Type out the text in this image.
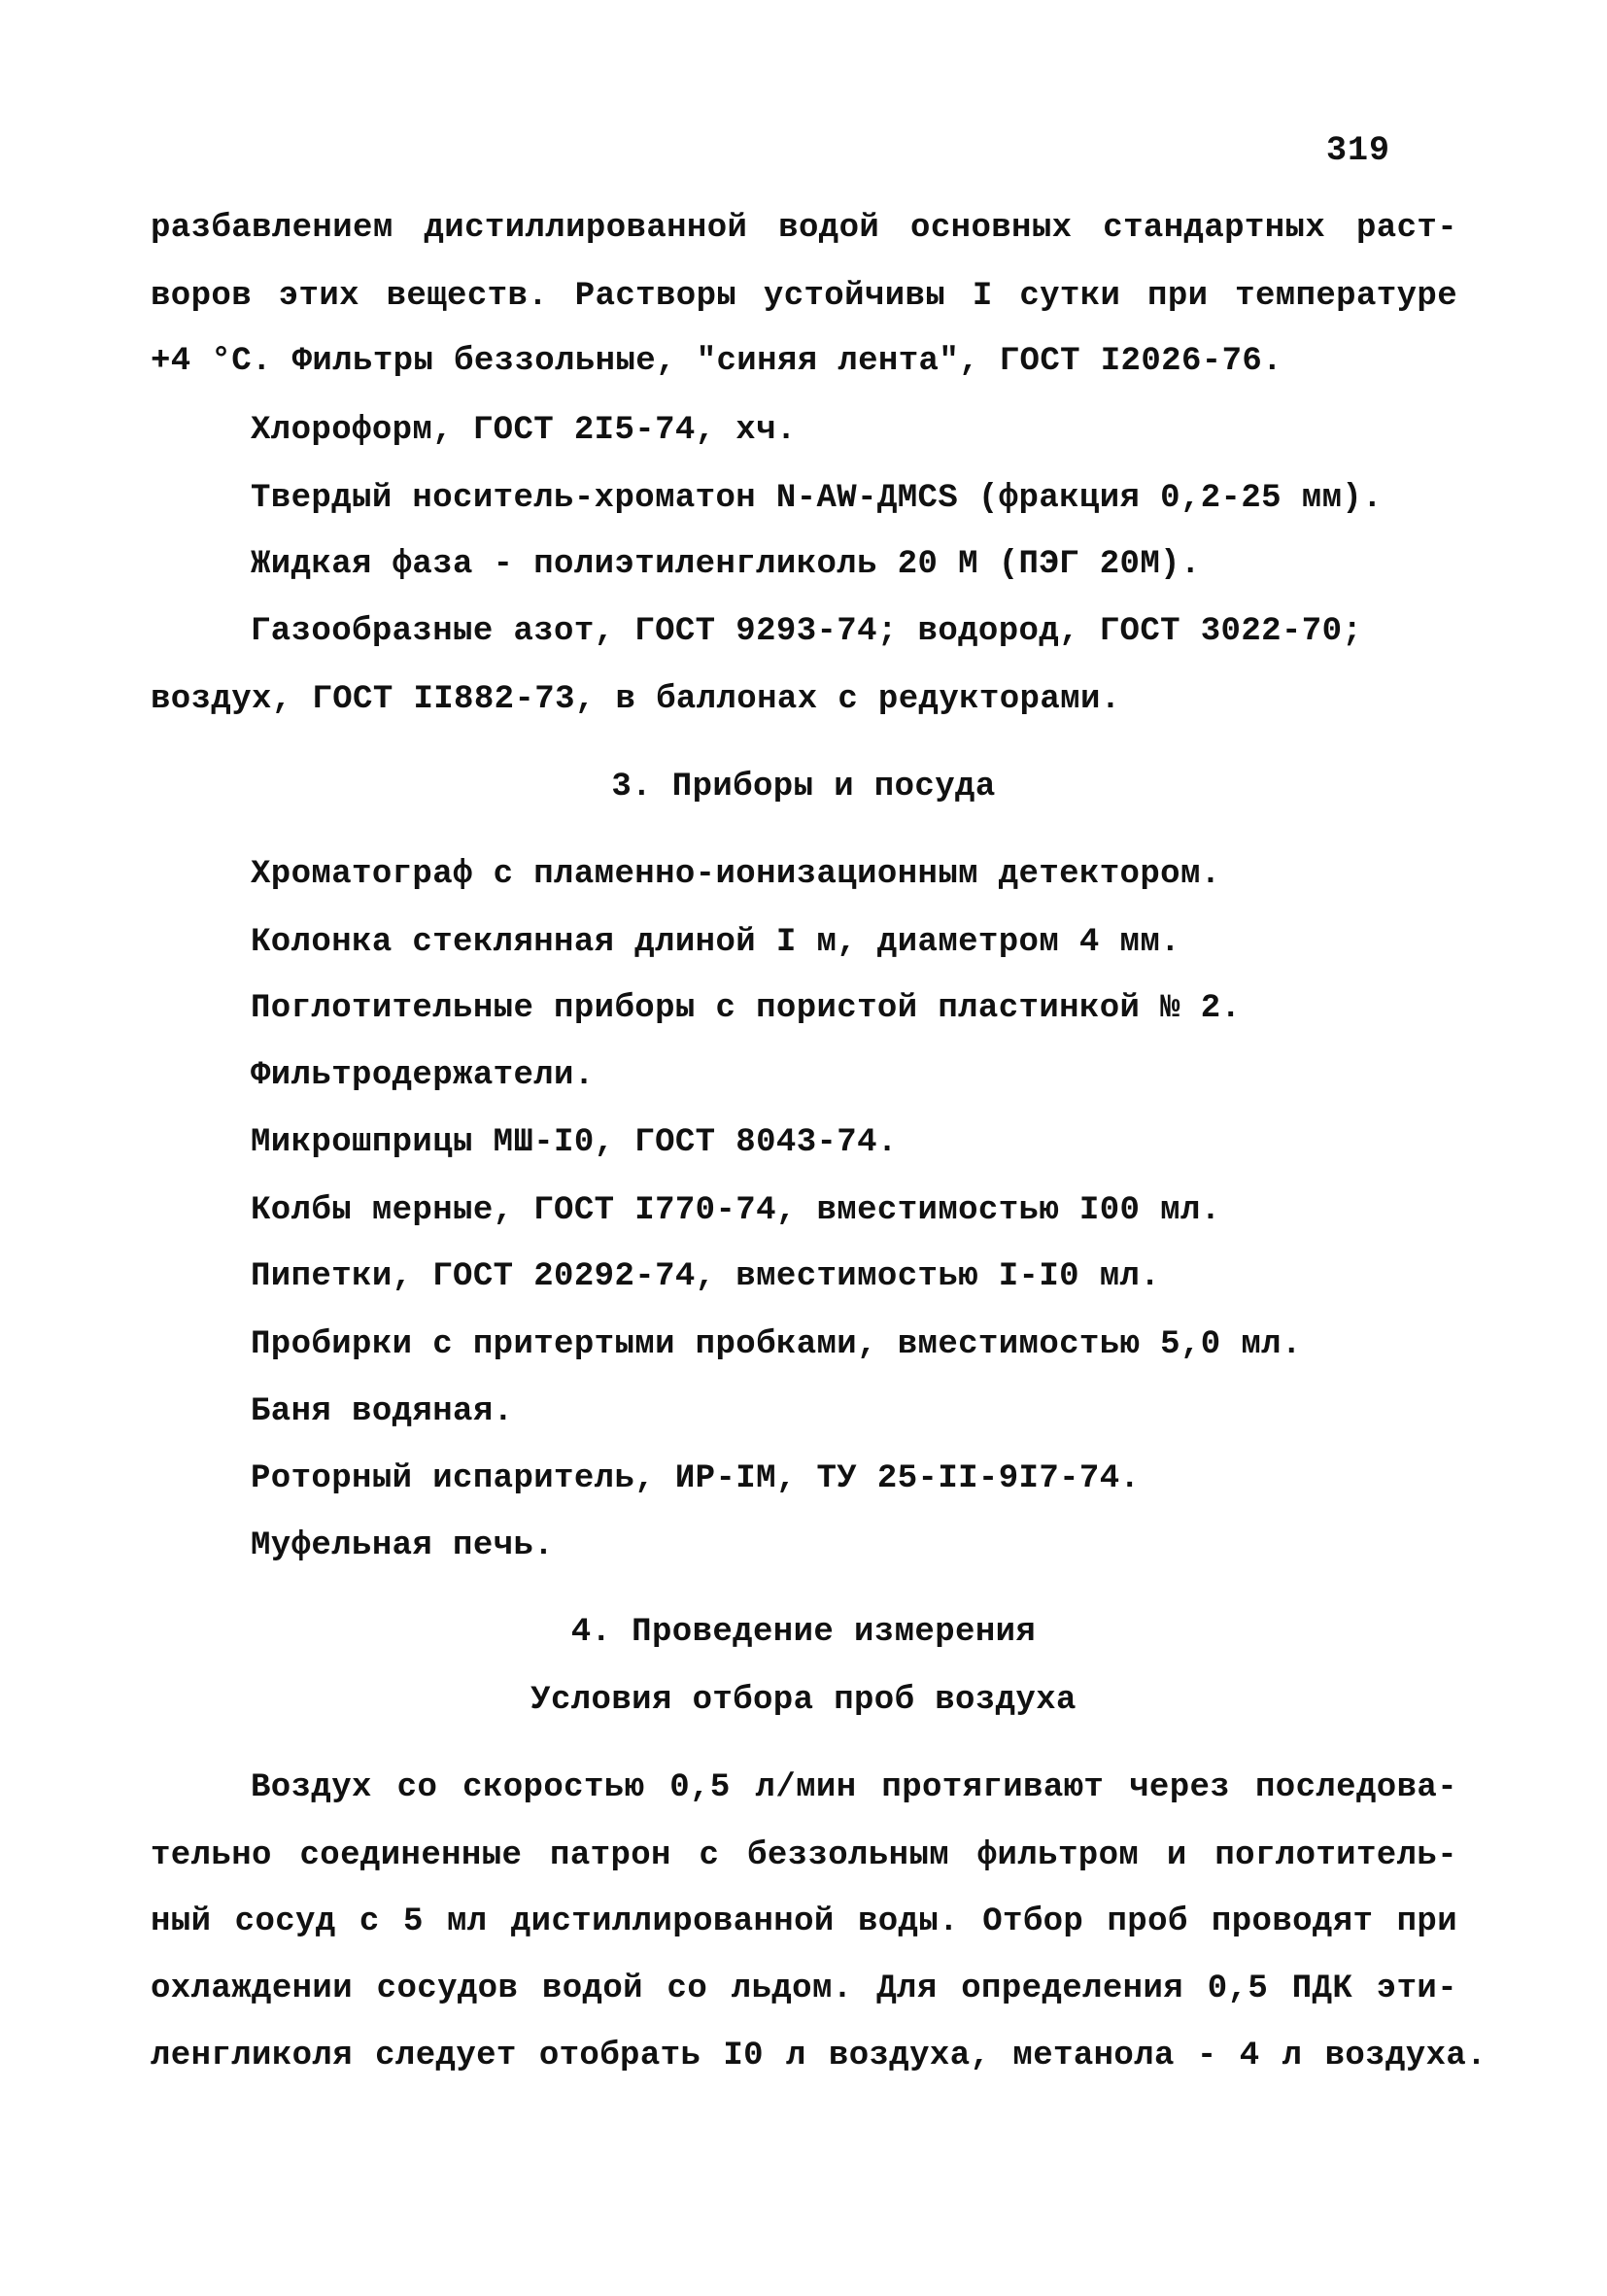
319
разбавлением дистиллированной водой основных стандартных раст-
воров этих веществ. Растворы устойчивы I сутки при температуре
+4 °С. Фильтры беззольные, "синяя лента", ГОСТ I2026-76.
Хлороформ, ГОСТ 2I5-74, хч.
Твердый носитель-хроматон N-AW-ДМСS (фракция 0,2-25 мм).
Жидкая фаза - полиэтиленгликоль 20 М (ПЭГ 20М).
Газообразные азот, ГОСТ 9293-74; водород, ГОСТ 3022-70;
воздух, ГОСТ II882-73, в баллонах с редукторами.
3. Приборы и посуда
Хроматограф с пламенно-ионизационным детектором.
Колонка стеклянная длиной I м, диаметром 4 мм.
Поглотительные приборы с пористой пластинкой № 2.
Фильтродержатели.
Микрошприцы МШ-I0, ГОСТ 8043-74.
Колбы мерные, ГОСТ I770-74, вместимостью I00 мл.
Пипетки, ГОСТ 20292-74, вместимостью I-I0 мл.
Пробирки с притертыми пробками, вместимостью 5,0 мл.
Баня водяная.
Роторный испаритель, ИР-IM, ТУ 25-II-9I7-74.
Муфельная печь.
4. Проведение измерения
Условия отбора проб воздуха
Воздух со скоростью 0,5 л/мин протягивают через последова-
тельно соединенные патрон с беззольным фильтром и поглотитель-
ный сосуд с 5 мл дистиллированной воды. Отбор проб проводят при
охлаждении сосудов водой со льдом. Для определения 0,5 ПДК эти-
ленгликоля следует отобрать I0 л воздуха, метанола - 4 л воздуха.
